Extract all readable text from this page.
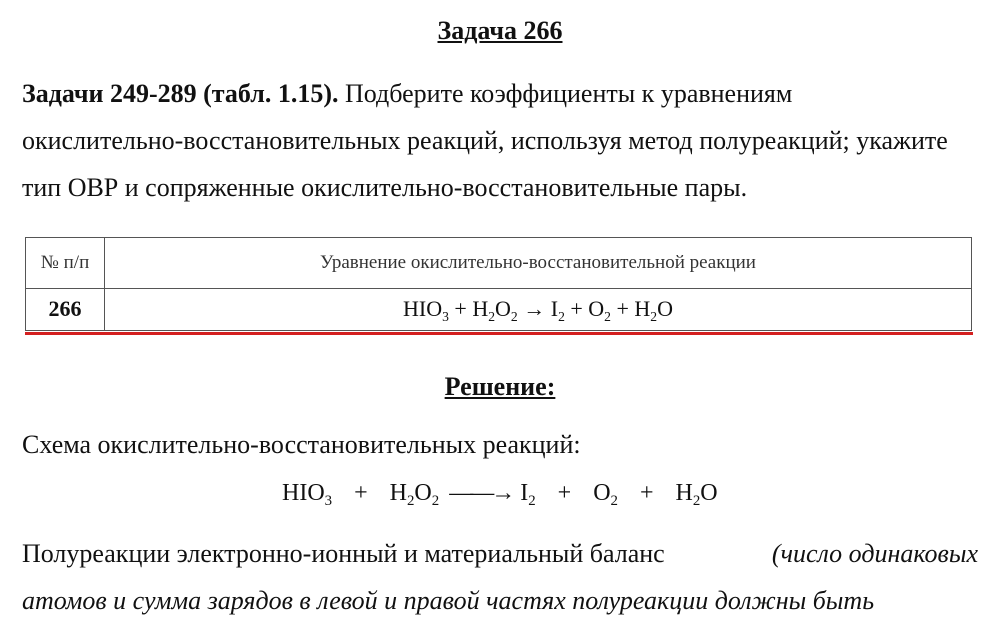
Задача 266
Задачи 249-289 (табл. 1.15). Подберите коэффициенты к уравнениям
окислительно-восстановительных реакций, используя метод полуреакций; укажите
тип ОВР и сопряженные окислительно-восстановительные пары.
№ п/п	Уравнение окислительно-восстановительной реакции
266	$HIO_3 + H_2O_2 \to I_2 + O_2 + H_2O$
Решение:
Схема окислительно-восстановительных реакций:
$HIO_3 + H_2O_2$ ——→ $I_2 + O_2 + H_2O$
Полуреакции электронно-ионный и материальный баланс	(число одинаковых
атомов и сумма зарядов в левой и правой частях полуреакции должны быть
